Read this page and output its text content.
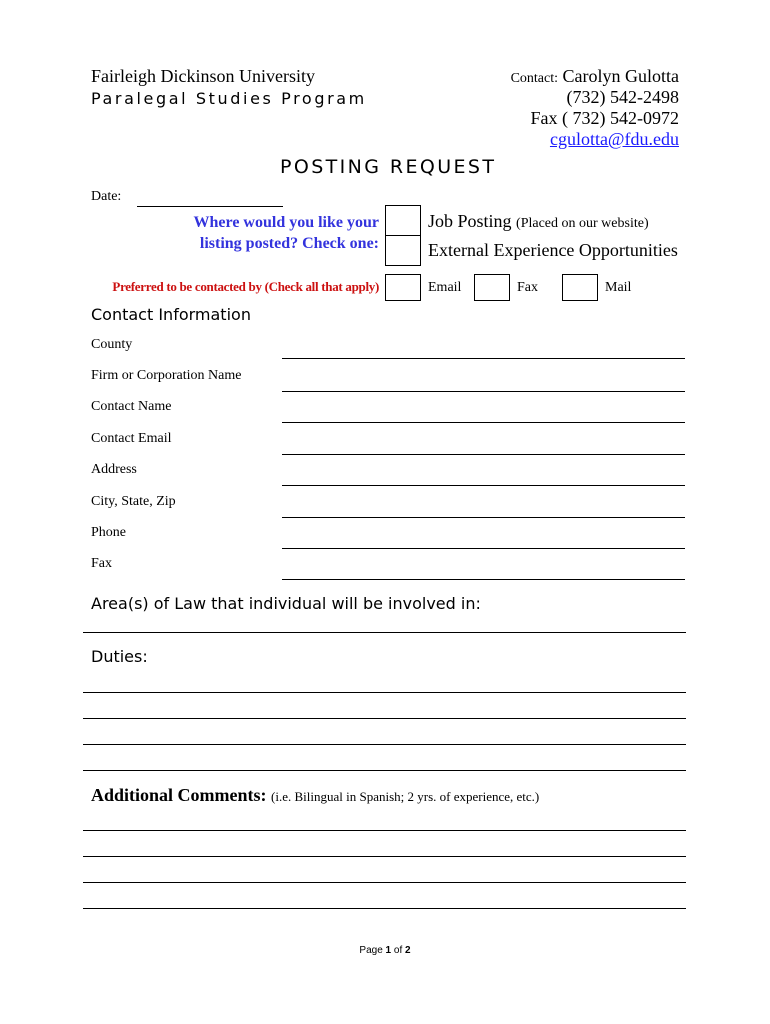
Fairleigh Dickinson University
Paralegal Studies Program
Contact: Carolyn Gulotta
(732) 542-2498
Fax ( 732) 542-0972
cgulotta@fdu.edu
POSTING REQUEST
Date:
Where would you like your
listing posted? Check one:
Job Posting (Placed on our website)
External Experience Opportunities
Preferred to be contacted by (Check all that apply)	Email	Fax	Mail
Contact Information
County
Firm or Corporation Name
Contact Name
Contact Email
Address
City, State, Zip
Phone
Fax
Area(s) of Law that individual will be involved in:
Duties:
Additional Comments: (i.e. Bilingual in Spanish; 2 yrs. of experience, etc.)
Page 1 of 2
